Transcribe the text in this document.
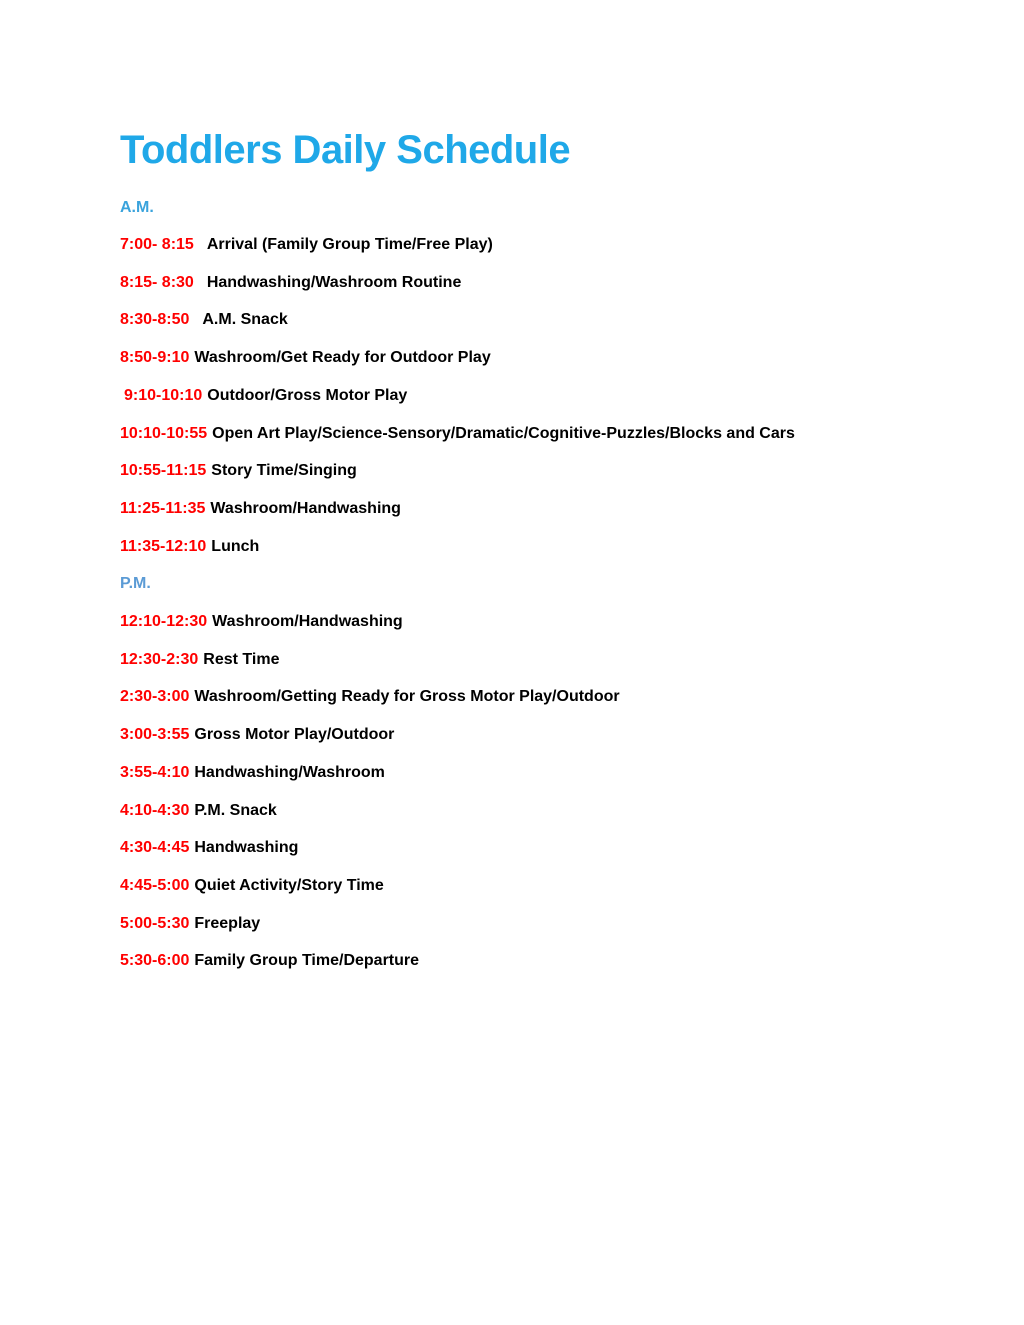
Toddlers Daily Schedule

A.M.

7:00- 8:15 Arrival (Family Group Time/Free Play)

8:15- 8:30 Handwashing/Washroom Routine

8:30-8:50 A.M. Snack

8:50-9:10 Washroom/Get Ready for Outdoor Play

9:10-10:10 Outdoor/Gross Motor Play

10:10-10:55 Open Art Play/Science-Sensory/Dramatic/Cognitive-Puzzles/Blocks and Cars

10:55-11:15 Story Time/Singing

11:25-11:35 Washroom/Handwashing

11:35-12:10 Lunch

P.M.

12:10-12:30 Washroom/Handwashing

12:30-2:30 Rest Time

2:30-3:00 Washroom/Getting Ready for Gross Motor Play/Outdoor

3:00-3:55 Gross Motor Play/Outdoor

3:55-4:10 Handwashing/Washroom

4:10-4:30 P.M. Snack

4:30-4:45 Handwashing

4:45-5:00 Quiet Activity/Story Time

5:00-5:30 Freeplay

5:30-6:00 Family Group Time/Departure
